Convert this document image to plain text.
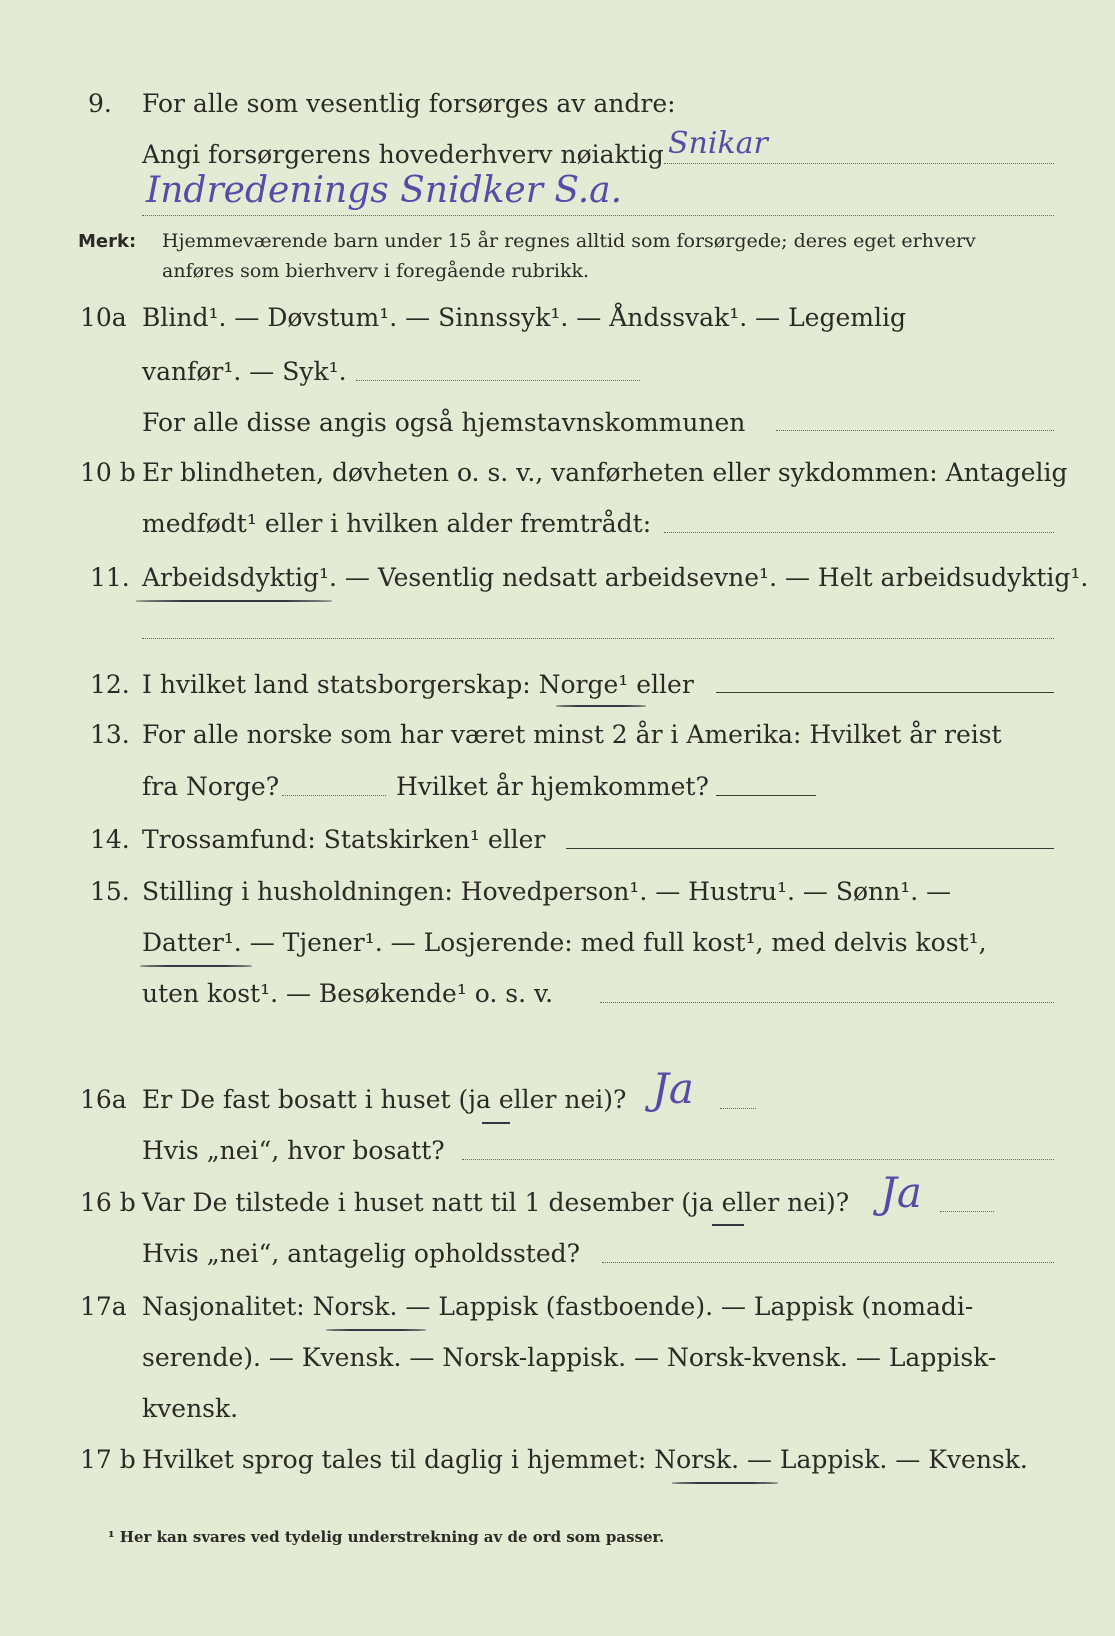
9.	For alle som vesentlig forsørges av andre:
Angi forsørgerens hovederhverv nøiaktig Snikar
Indredenings Snidker S.a.
Merk: Hjemmeværende barn under 15 år regnes alltid som forsørgede; deres eget erhverv
anføres som bierhverv i foregående rubrikk.
10a Blind¹. — Døvstum¹. — Sinnssyk¹. — Åndssvak¹. — Legemlig
vanfør¹. — Syk¹.
For alle disse angis også hjemstavnskommunen
10 b Er blindheten, døvheten o. s. v., vanførheten eller sykdommen: Antagelig
medfødt¹ eller i hvilken alder fremtrådt:
11. Arbeidsdyktig¹. — Vesentlig nedsatt arbeidsevne¹. — Helt arbeidsudyktig¹.
12. I hvilket land statsborgerskap: Norge¹ eller
13. For alle norske som har været minst 2 år i Amerika: Hvilket år reist
fra Norge?	Hvilket år hjemkommet?
14. Trossamfund: Statskirken¹ eller
15. Stilling i husholdningen: Hovedperson¹. — Hustru¹. — Sønn¹. —
Datter¹. — Tjener¹. — Losjerende: med full kost¹, med delvis kost¹,
uten kost¹. — Besøkende¹ o. s. v.
16a Er De fast bosatt i huset (ja eller nei)? Ja
Hvis „nei“, hvor bosatt?
16 b Var De tilstede i huset natt til 1 desember (ja eller nei)? Ja
Hvis „nei“, antagelig opholdssted?
17a Nasjonalitet: Norsk. — Lappisk (fastboende). — Lappisk (nomadi-
serende). — Kvensk. — Norsk-lappisk. — Norsk-kvensk. — Lappisk-
kvensk.
17 b Hvilket sprog tales til daglig i hjemmet: Norsk. — Lappisk. — Kvensk.
¹ Her kan svares ved tydelig understrekning av de ord som passer.
